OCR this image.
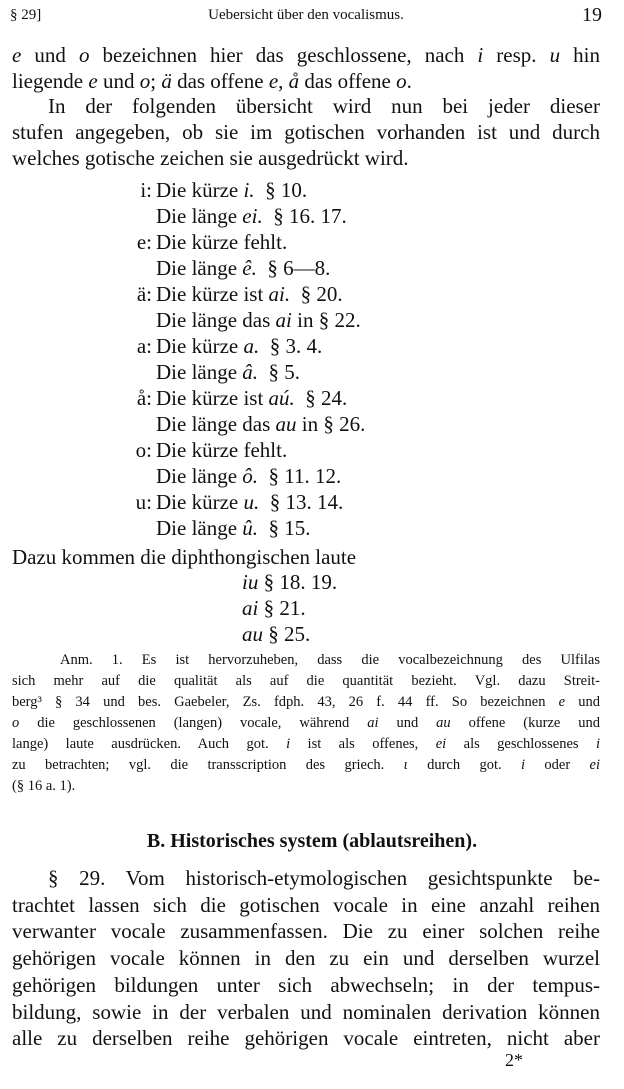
§ 29]	Uebersicht über den vocalismus.	19
e und o bezeichnen hier das geschlossene, nach i resp. u hin
liegende e und o; ä das offene e, å das offene o.
In der folgenden übersicht wird nun bei jeder dieser
stufen angegeben, ob sie im gotischen vorhanden ist und durch
welches gotische zeichen sie ausgedrückt wird.
i: Die kürze i.  § 10.
Die länge ei.  § 16. 17.
e: Die kürze fehlt.
Die länge ê.  § 6—8.
ä: Die kürze ist ai.  § 20.
Die länge das ai in § 22.
a: Die kürze a.  § 3. 4.
Die länge â.  § 5.
å: Die kürze ist aú.  § 24.
Die länge das au in § 26.
o: Die kürze fehlt.
Die länge ô.  § 11. 12.
u: Die kürze u.  § 13. 14.
Die länge û.  § 15.
Dazu kommen die diphthongischen laute
iu § 18. 19.
ai § 21.
au § 25.
Anm. 1. Es ist hervorzuheben, dass die vocalbezeichnung des Ulfilas
sich mehr auf die qualität als auf die quantität bezieht. Vgl. dazu Streit-
berg³ § 34 und bes. Gaebeler, Zs. fdph. 43, 26 f. 44 ff. So bezeichnen e und
o die geschlossenen (langen) vocale, während ai und au offene (kurze und
lange) laute ausdrücken. Auch got. i ist als offenes, ei als geschlossenes i
zu betrachten; vgl. die transscription des griech. ι durch got. i oder ei
(§ 16 a. 1).
§ 29. Vom historisch-etymologischen gesichtspunkte be-
trachtet lassen sich die gotischen vocale in eine anzahl reihen
verwanter vocale zusammenfassen. Die zu einer solchen reihe
gehörigen vocale können in den zu ein und derselben wurzel
gehörigen bildungen unter sich abwechseln; in der tempus-
bildung, sowie in der verbalen und nominalen derivation können
alle zu derselben reihe gehörigen vocale eintreten, nicht aber
B. Historisches system (ablautsreihen).
2*
